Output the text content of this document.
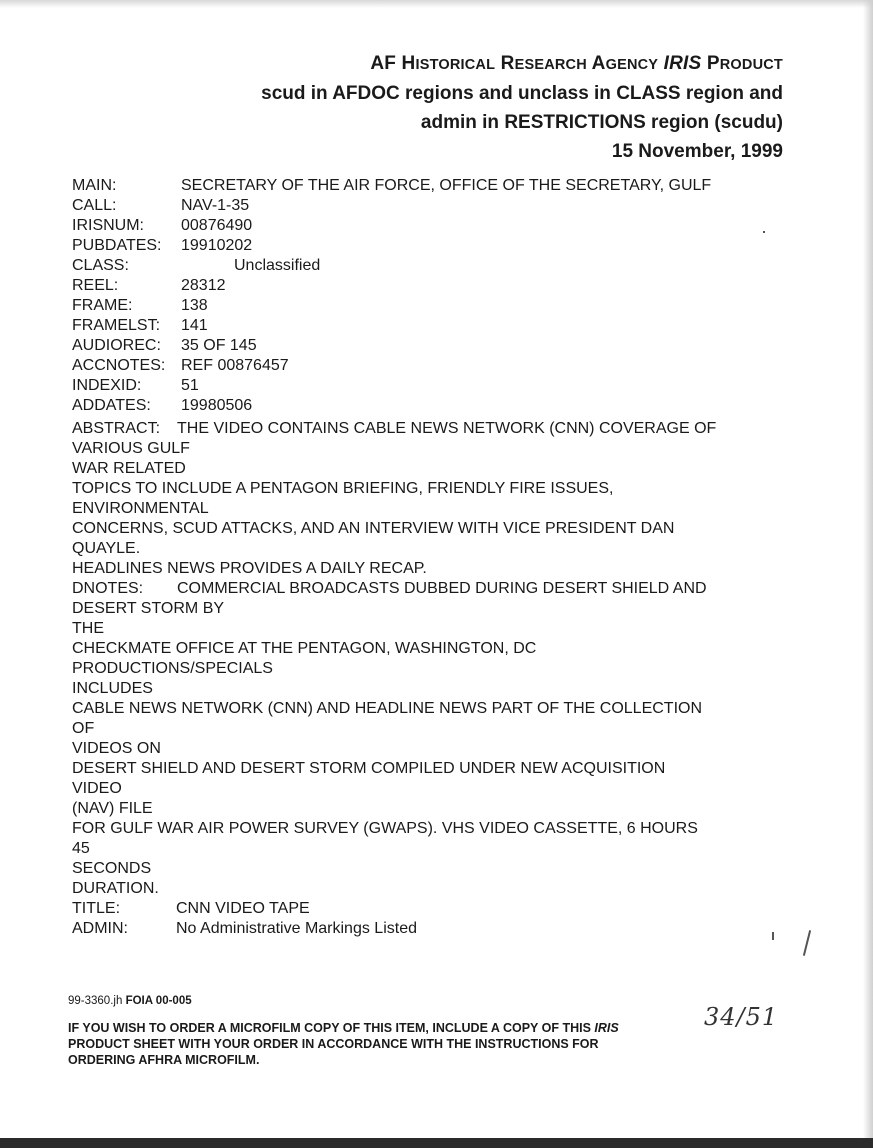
AF HISTORICAL RESEARCH AGENCY IRIS PRODUCT
scud in AFDOC regions and unclass in CLASS region and
admin in RESTRICTIONS region (scudu)
15 November, 1999
MAIN:	SECRETARY OF THE AIR FORCE, OFFICE OF THE SECRETARY, GULF
CALL:	NAV-1-35
IRISNUM: 00876490
PUBDATES: 19910202
CLASS:	Unclassified
REEL:	28312
FRAME:	138
FRAMELST: 141
AUDIOREC: 35 OF 145
ACCNOTES: REF 00876457
INDEXID: 51
ADDATES: 19980506
ABSTRACT: THE VIDEO CONTAINS CABLE NEWS NETWORK (CNN) COVERAGE OF
VARIOUS GULF
WAR RELATED
TOPICS TO INCLUDE A PENTAGON BRIEFING, FRIENDLY FIRE ISSUES,
ENVIRONMENTAL
CONCERNS, SCUD ATTACKS, AND AN INTERVIEW WITH VICE PRESIDENT DAN
QUAYLE.
HEADLINES NEWS PROVIDES A DAILY RECAP.
DNOTES: COMMERCIAL BROADCASTS DUBBED DURING DESERT SHIELD AND
DESERT STORM BY
THE
CHECKMATE OFFICE AT THE PENTAGON, WASHINGTON, DC
PRODUCTIONS/SPECIALS
INCLUDES
CABLE NEWS NETWORK (CNN) AND HEADLINE NEWS PART OF THE COLLECTION
OF
VIDEOS ON
DESERT SHIELD AND DESERT STORM COMPILED UNDER NEW ACQUISITION
VIDEO
(NAV) FILE
FOR GULF WAR AIR POWER SURVEY (GWAPS). VHS VIDEO CASSETTE, 6 HOURS
45
SECONDS
DURATION.
TITLE:	CNN VIDEO TAPE
ADMIN:	No Administrative Markings Listed
99-3360.jh FOIA 00-005
34/51
IF YOU WISH TO ORDER A MICROFILM COPY OF THIS ITEM, INCLUDE A COPY OF THIS IRIS
PRODUCT SHEET WITH YOUR ORDER IN ACCORDANCE WITH THE INSTRUCTIONS FOR
ORDERING AFHRA MICROFILM.
